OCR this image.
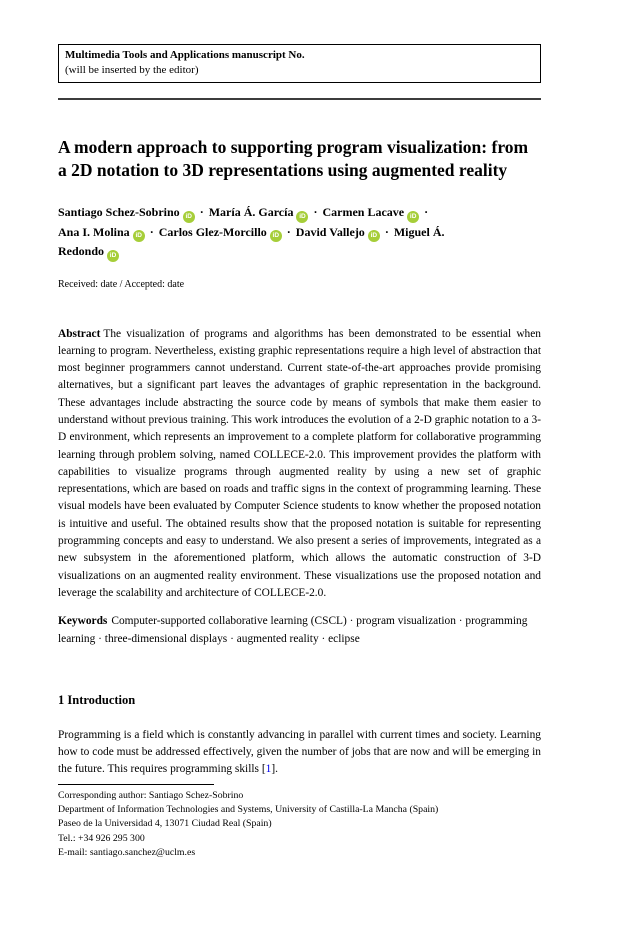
Multimedia Tools and Applications manuscript No.
(will be inserted by the editor)
A modern approach to supporting program visualization: from a 2D notation to 3D representations using augmented reality
Santiago Schez-Sobrino iD · María Á. García iD · Carmen Lacave iD · Ana I. Molina iD · Carlos Glez-Morcillo iD · David Vallejo iD · Miguel Á. Redondo iD
Received: date / Accepted: date

Abstract The visualization of programs and algorithms has been demonstrated to be essential when learning to program. Nevertheless, existing graphic representations require a high level of abstraction that most beginner programmers cannot understand. Current state-of-the-art approaches provide promising alternatives, but a significant part leaves the advantages of graphic representation in the background. These advantages include abstracting the source code by means of symbols that make them easier to understand without previous training. This work introduces the evolution of a 2-D graphic notation to a 3-D environment, which represents an improvement to a complete platform for collaborative programming learning through problem solving, named COLLECE-2.0. This improvement provides the platform with capabilities to visualize programs through augmented reality by using a new set of graphic representations, which are based on roads and traffic signs in the context of programming learning. These visual models have been evaluated by Computer Science students to know whether the proposed notation is intuitive and useful. The obtained results show that the proposed notation is suitable for representing programming concepts and easy to understand. We also present a series of improvements, integrated as a new subsystem in the aforementioned platform, which allows the automatic construction of 3-D visualizations on an augmented reality environment. These visualizations use the proposed notation and leverage the scalability and architecture of COLLECE-2.0.

Keywords Computer-supported collaborative learning (CSCL) · program visualization · programming learning · three-dimensional displays · augmented reality · eclipse

1 Introduction

Programming is a field which is constantly advancing in parallel with current times and society. Learning how to code must be addressed effectively, given the number of jobs that are now and will be emerging in the future. This requires programming skills [1].

Corresponding author: Santiago Schez-Sobrino
Department of Information Technologies and Systems, University of Castilla-La Mancha (Spain)
Paseo de la Universidad 4, 13071 Ciudad Real (Spain)
Tel.: +34 926 295 300
E-mail: santiago.sanchez@uclm.es
